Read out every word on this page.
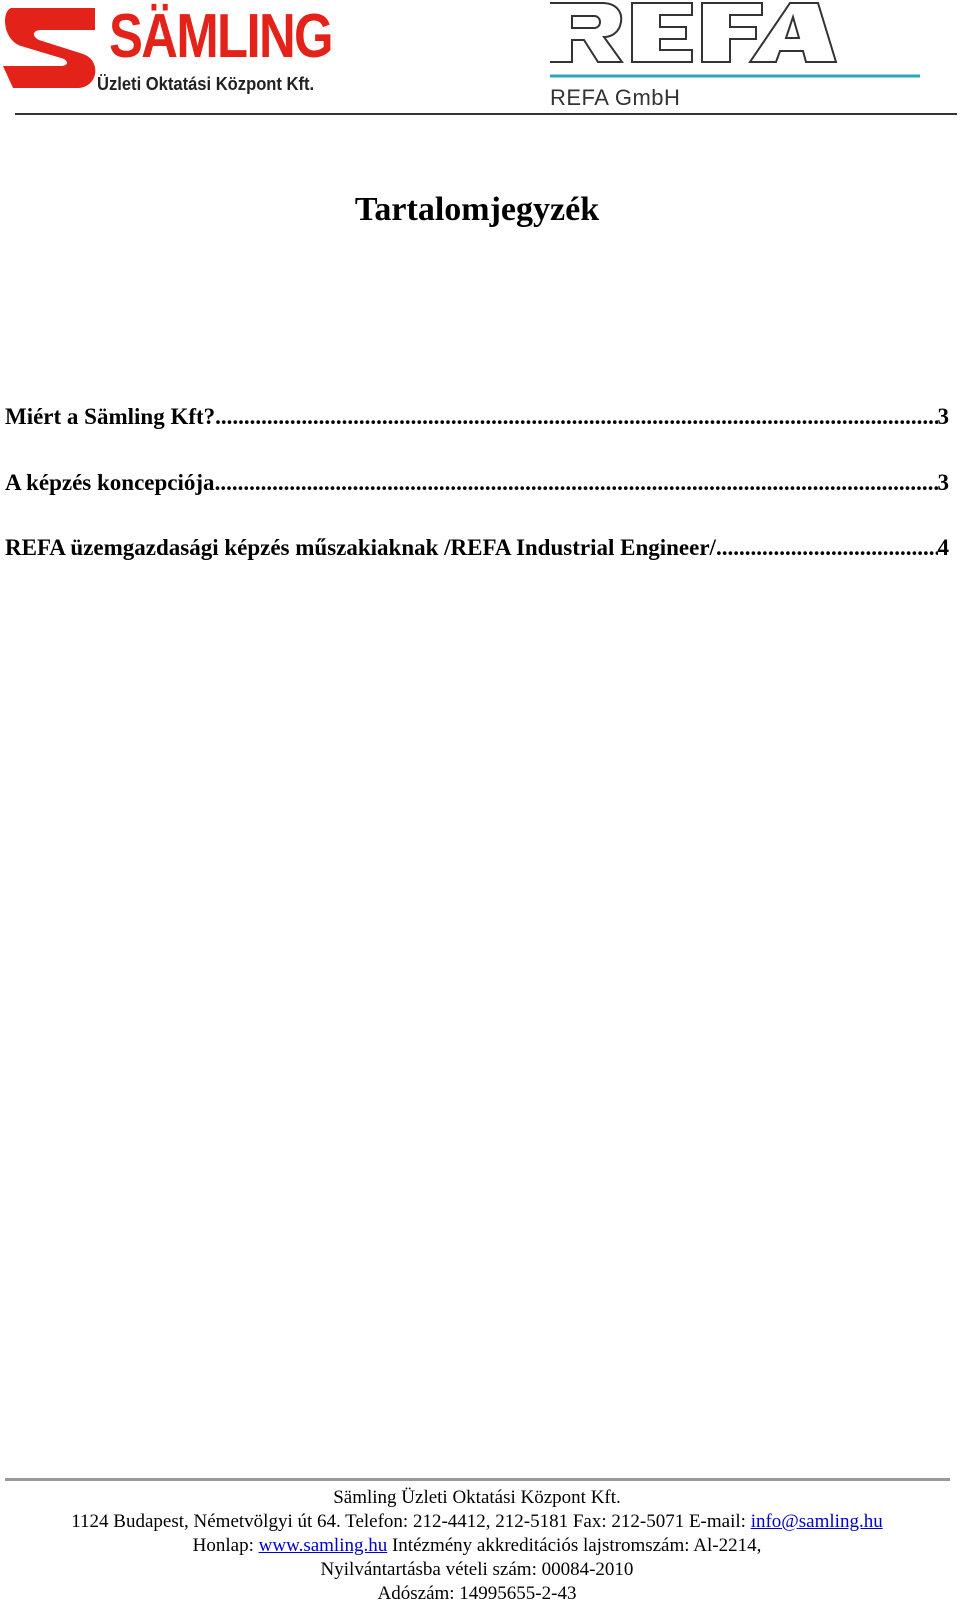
SÄMLING
Üzleti Oktatási Központ Kft.
REFA GmbH
Tartalomjegyzék
Miért a Sämling Kft? .....	3
A képzés koncepciója .....	3
REFA üzemgazdasági képzés műszakiaknak /REFA Industrial Engineer/ .....	4
Sämling Üzleti Oktatási Központ Kft.
1124 Budapest, Németvölgyi út 64. Telefon: 212-4412, 212-5181 Fax: 212-5071 E-mail: info@samling.hu
Honlap: www.samling.hu Intézmény akkreditációs lajstromszám: Al-2214,
Nyilvántartásba vételi szám: 00084-2010
Adószám: 14995655-2-43
